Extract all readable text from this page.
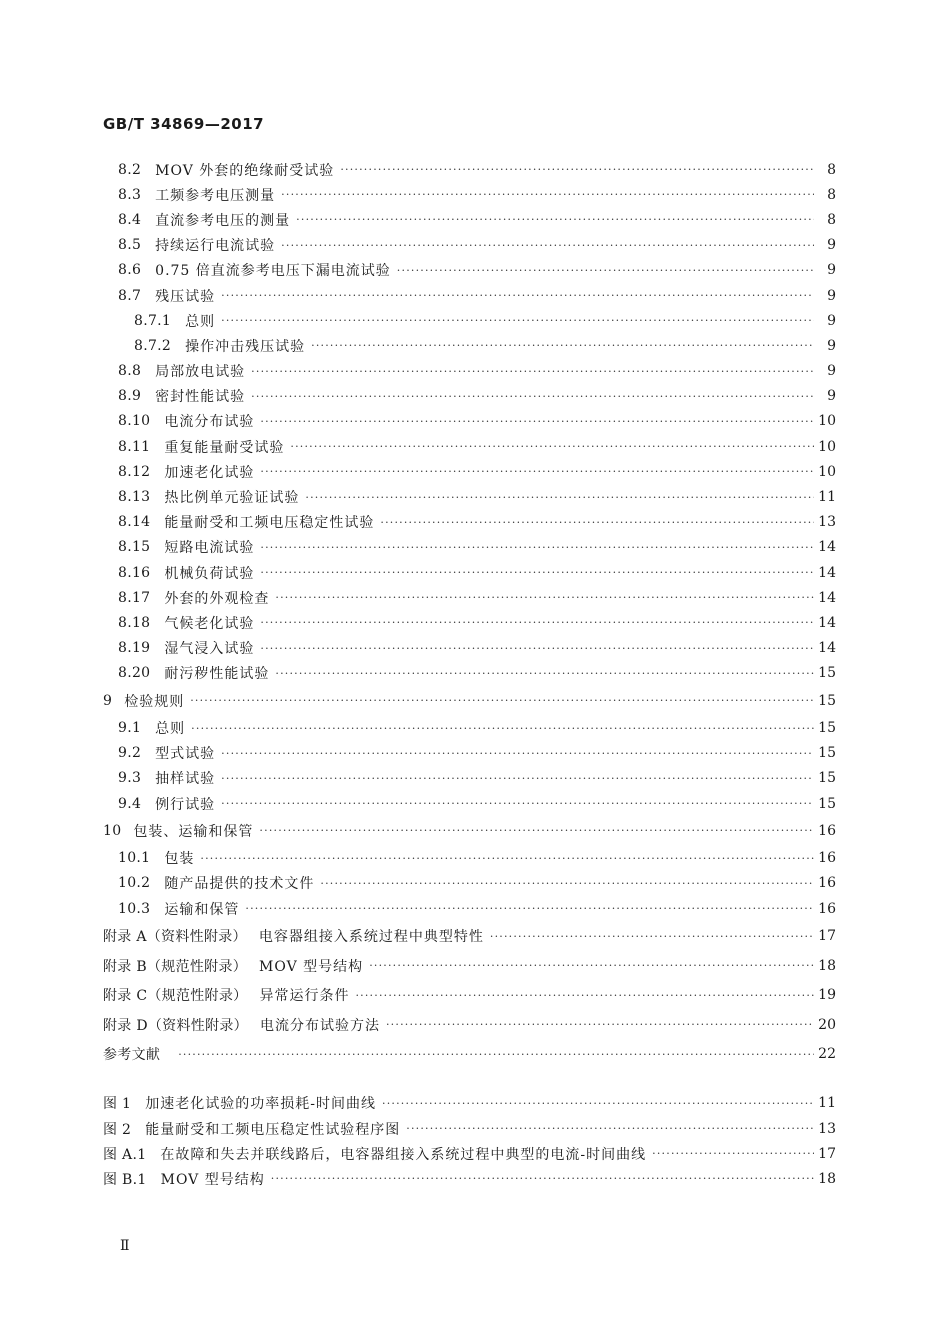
GB/T 34869—2017
8.2 MOV 外套的绝缘耐受试验 ·····	8
8.3 工频参考电压测量 ·····	8
8.4 直流参考电压的测量 ·····	8
8.5 持续运行电流试验 ·····	9
8.6 0.75 倍直流参考电压下漏电流试验 ·····	9
8.7 残压试验 ·····	9
8.7.1 总则 ·····	9
8.7.2 操作冲击残压试验 ·····	9
8.8 局部放电试验 ·····	9
8.9 密封性能试验 ·····	9
8.10 电流分布试验 ·····	10
8.11 重复能量耐受试验 ·····	10
8.12 加速老化试验 ·····	10
8.13 热比例单元验证试验 ·····	11
8.14 能量耐受和工频电压稳定性试验 ·····	13
8.15 短路电流试验 ·····	14
8.16 机械负荷试验 ·····	14
8.17 外套的外观检查 ·····	14
8.18 气候老化试验 ·····	14
8.19 湿气浸入试验 ·····	14
8.20 耐污秽性能试验 ·····	15
9 检验规则 ·····	15
9.1 总则 ·····	15
9.2 型式试验 ·····	15
9.3 抽样试验 ·····	15
9.4 例行试验 ·····	15
10 包装、运输和保管 ·····	16
10.1 包装 ·····	16
10.2 随产品提供的技术文件 ·····	16
10.3 运输和保管 ·····	16
附录 A（资料性附录） 电容器组接入系统过程中典型特性 ·····	17
附录 B（规范性附录） MOV 型号结构 ·····	18
附录 C（规范性附录） 异常运行条件 ·····	19
附录 D（资料性附录） 电流分布试验方法 ·····	20
参考文献 ·····	22
图 1 加速老化试验的功率损耗-时间曲线 ·····	11
图 2 能量耐受和工频电压稳定性试验程序图 ·····	13
图 A.1 在故障和失去并联线路后，电容器组接入系统过程中典型的电流-时间曲线 ·····	17
图 B.1 MOV 型号结构 ·····	18
Ⅱ
